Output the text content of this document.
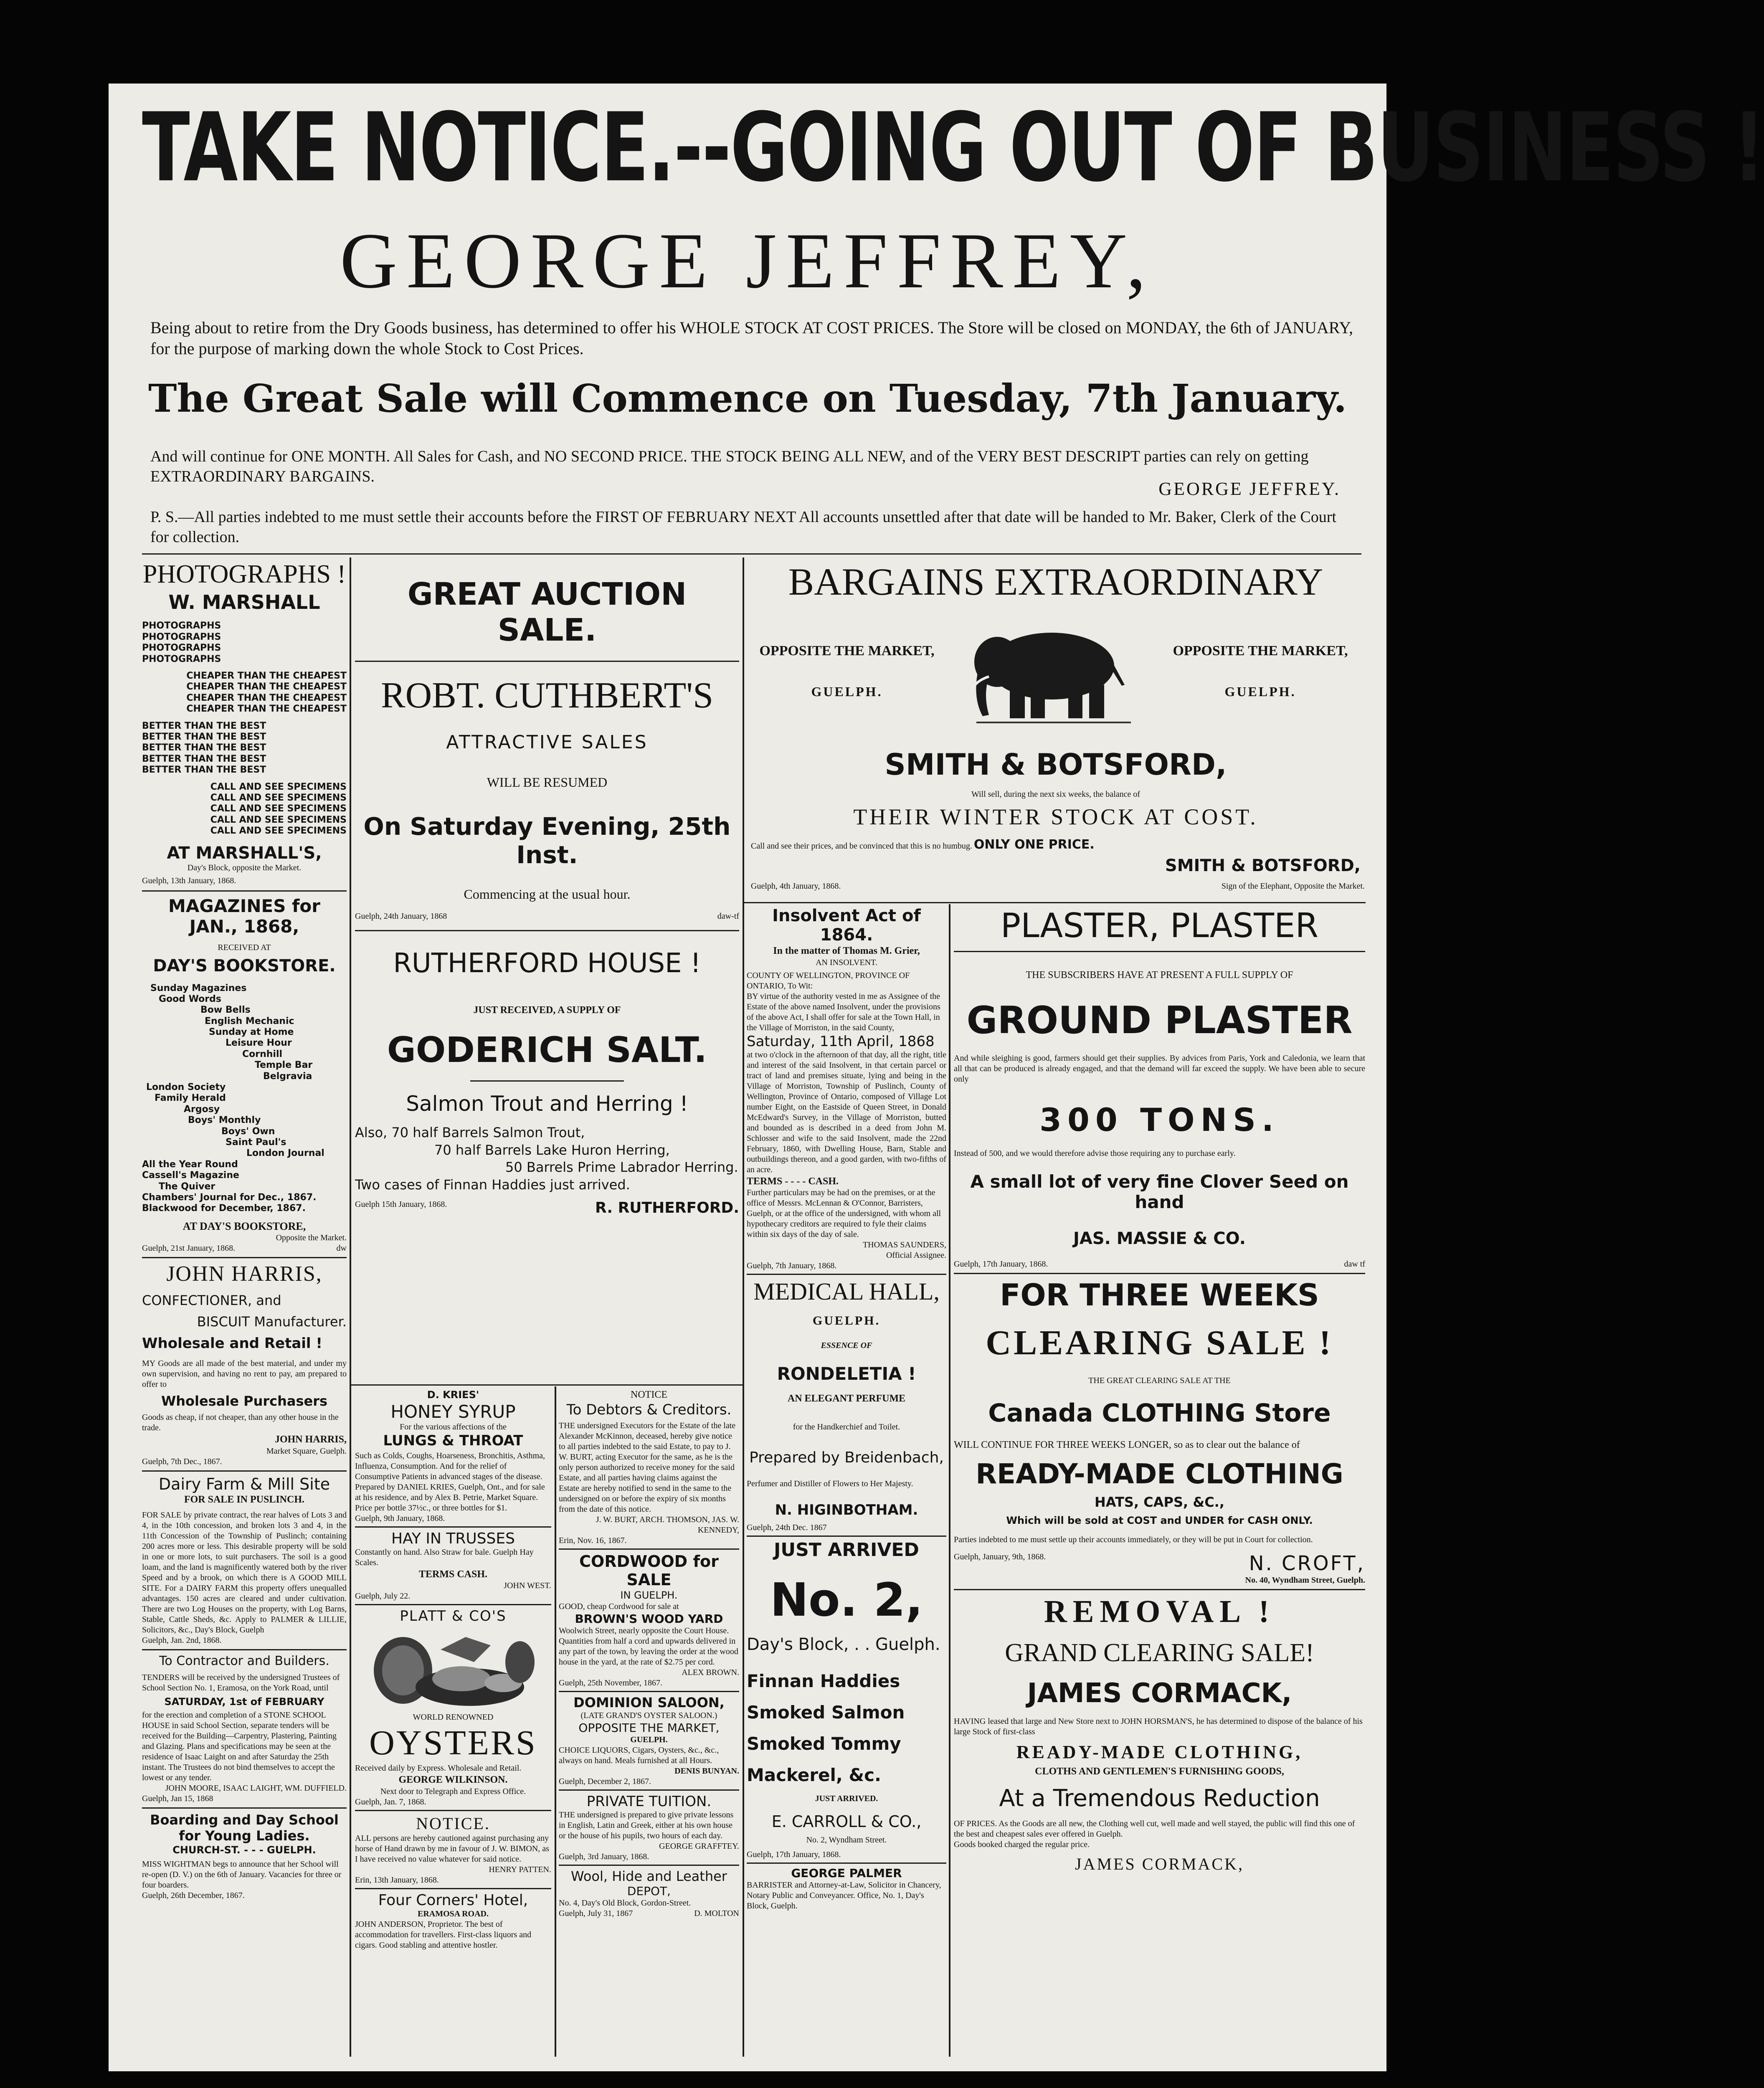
TAKE NOTICE.--GOING OUT OF BUSINESS !
GEORGE JEFFREY,
Being about to retire from the Dry Goods business, has determined to offer his WHOLE STOCK AT COST PRICES. The Store will be closed on MONDAY, the 6th of JANUARY, for the purpose of marking down the whole Stock to Cost Prices.
The Great Sale will Commence on Tuesday, 7th January.
And will continue for ONE MONTH. All Sales for Cash, and NO SECOND PRICE. THE STOCK BEING ALL NEW, and of the VERY BEST DESCRIPT parties can rely on getting EXTRAORDINARY BARGAINS.
GEORGE JEFFREY.
P. S.—All parties indebted to me must settle their accounts before the FIRST OF FEBRUARY NEXT All accounts unsettled after that date will be handed to Mr. Baker, Clerk of the Court for collection.
PHOTOGRAPHS !
W. MARSHALL
PHOTOGRAPHS
PHOTOGRAPHS
PHOTOGRAPHS
PHOTOGRAPHS
CHEAPER THAN THE CHEAPEST
CHEAPER THAN THE CHEAPEST
CHEAPER THAN THE CHEAPEST
CHEAPER THAN THE CHEAPEST
BETTER THAN THE BEST
BETTER THAN THE BEST
BETTER THAN THE BEST
BETTER THAN THE BEST
BETTER THAN THE BEST
CALL AND SEE SPECIMENS
CALL AND SEE SPECIMENS
CALL AND SEE SPECIMENS
CALL AND SEE SPECIMENS
CALL AND SEE SPECIMENS
AT MARSHALL'S,
Day's Block, opposite the Market.
Guelph, 13th January, 1868.
MAGAZINES for JAN., 1868,
RECEIVED AT
DAY'S BOOKSTORE.
Sunday Magazines
Good Words
Bow Bells
English Mechanic
Sunday at Home
Leisure Hour
Cornhill
Temple Bar
Belgravia
London Society
Family Herald
Argosy
Boys' Monthly
Boys' Own
Saint Paul's
London Journal
All the Year Round
Cassell's Magazine
The Quiver
Chambers' Journal for Dec., 1867.
Blackwood for December, 1867.
AT DAY'S BOOKSTORE,
Opposite the Market.
Guelph, 21st January, 1868.	dw
JOHN HARRIS,
CONFECTIONER, and
BISCUIT Manufacturer.
Wholesale and Retail !
MY Goods are all made of the best material, and under my own supervision, and having no rent to pay, am prepared to offer to
Wholesale Purchasers
Goods as cheap, if not cheaper, than any other house in the trade.
JOHN HARRIS,
Market Square, Guelph.
Guelph, 7th Dec., 1867.
Dairy Farm & Mill Site
FOR SALE IN PUSLINCH.
FOR SALE by private contract, the rear halves of Lots 3 and 4, in the 10th concession, and broken lots 3 and 4, in the 11th Concession of the Township of Puslinch; containing 200 acres more or less. This desirable property will be sold in one or more lots, to suit purchasers. The soil is a good loam, and the land is magnificently watered both by the river Speed and by a brook, on which there is A GOOD MILL SITE. For a DAIRY FARM this property offers unequalled advantages. 150 acres are cleared and under cultivation. There are two Log Houses on the property, with Log Barns, Stable, Cattle Sheds, &c. Apply to PALMER & LILLIE, Solicitors, &c., Day's Block, Guelph
Guelph, Jan. 2nd, 1868.
To Contractor and Builders.
TENDERS will be received by the undersigned Trustees of School Section No. 1, Eramosa, on the York Road, until
SATURDAY, 1st of FEBRUARY
for the erection and completion of a STONE SCHOOL HOUSE in said School Section, separate tenders will be received for the Building—Carpentry, Plastering, Painting and Glazing. Plans and specifications may be seen at the residence of Isaac Laight on and after Saturday the 25th instant. The Trustees do not bind themselves to accept the lowest or any tender.
JOHN MOORE, ISAAC LAIGHT, WM. DUFFIELD.
Guelph, Jan 15, 1868
Boarding and Day School for Young Ladies.
CHURCH-ST. - - - GUELPH.
MISS WIGHTMAN begs to announce that her School will re-open (D. V.) on the 6th of January. Vacancies for three or four boarders.
Guelph, 26th December, 1867.
GREAT AUCTION SALE.
ROBT. CUTHBERT'S
ATTRACTIVE SALES
WILL BE RESUMED
On Saturday Evening, 25th Inst.
Commencing at the usual hour.
Guelph, 24th January, 1868	daw-tf
RUTHERFORD HOUSE !
JUST RECEIVED, A SUPPLY OF
GODERICH SALT.
Salmon Trout and Herring !
Also, 70 half Barrels Salmon Trout,
70 half Barrels Lake Huron Herring,
50 Barrels Prime Labrador Herring.
Two cases of Finnan Haddies just arrived.
Guelph 15th January, 1868.	R. RUTHERFORD.
D. KRIES'
HONEY SYRUP
For the various affections of the
LUNGS & THROAT
Such as Colds, Coughs, Hoarseness, Bronchitis, Asthma, Influenza, Consumption. And for the relief of Consumptive Patients in advanced stages of the disease. Prepared by DANIEL KRIES, Guelph, Ont., and for sale at his residence, and by Alex B. Petrie, Market Square. Price per bottle 37½c., or three bottles for $1.
Guelph, 9th January, 1868.
HAY IN TRUSSES
Constantly on hand. Also Straw for bale. Guelph Hay Scales.
TERMS CASH.
JOHN WEST.
Guelph, July 22.
PLATT & CO'S
WORLD RENOWNED
OYSTERS
Received daily by Express. Wholesale and Retail.
GEORGE WILKINSON.
Next door to Telegraph and Express Office.
Guelph, Jan. 7, 1868.
NOTICE.
ALL persons are hereby cautioned against purchasing any horse of Hand drawn by me in favour of J. W. BIMON, as I have received no value whatever for said notice.
HENRY PATTEN.
Erin, 13th January, 1868.
Four Corners' Hotel,
ERAMOSA ROAD.
JOHN ANDERSON, Proprietor. The best of accommodation for travellers. First-class liquors and cigars. Good stabling and attentive hostler.
NOTICE
To Debtors & Creditors.
THE undersigned Executors for the Estate of the late Alexander McKinnon, deceased, hereby give notice to all parties indebted to the said Estate, to pay to J. W. BURT, acting Executor for the same, as he is the only person authorized to receive money for the said Estate, and all parties having claims against the Estate are hereby notified to send in the same to the undersigned on or before the expiry of six months from the date of this notice.
J. W. BURT, ARCH. THOMSON, JAS. W. KENNEDY,
Erin, Nov. 16, 1867.
CORDWOOD for SALE
IN GUELPH.
GOOD, cheap Cordwood for sale at
BROWN'S WOOD YARD
Woolwich Street, nearly opposite the Court House. Quantities from half a cord and upwards delivered in any part of the town, by leaving the order at the wood house in the yard, at the rate of $2.75 per cord.
ALEX BROWN.
Guelph, 25th November, 1867.
DOMINION SALOON,
(LATE GRAND'S OYSTER SALOON.)
OPPOSITE THE MARKET,
GUELPH.
CHOICE LIQUORS, Cigars, Oysters, &c., &c., always on hand. Meals furnished at all Hours.
DENIS BUNYAN.
Guelph, December 2, 1867.
PRIVATE TUITION.
THE undersigned is prepared to give private lessons in English, Latin and Greek, either at his own house or the house of his pupils, two hours of each day.
GEORGE GRAFFTEY.
Guelph, 3rd January, 1868.
Wool, Hide and Leather
DEPOT,
No. 4, Day's Old Block, Gordon-Street.
Guelph, July 31, 1867	D. MOLTON
BARGAINS EXTRAORDINARY
OPPOSITE THE MARKET,
GUELPH.
OPPOSITE THE MARKET,
GUELPH.
SMITH & BOTSFORD,
Will sell, during the next six weeks, the balance of
THEIR WINTER STOCK AT COST.
Call and see their prices, and be convinced that this is no humbug. ONLY ONE PRICE.
SMITH & BOTSFORD,
Guelph, 4th January, 1868.	Sign of the Elephant, Opposite the Market.
Insolvent Act of 1864.
In the matter of Thomas M. Grier,
AN INSOLVENT.
COUNTY OF WELLINGTON, PROVINCE OF ONTARIO, To Wit:
BY virtue of the authority vested in me as Assignee of the Estate of the above named Insolvent, under the provisions of the above Act, I shall offer for sale at the Town Hall, in the Village of Morriston, in the said County,
Saturday, 11th April, 1868
at two o'clock in the afternoon of that day, all the right, title and interest of the said Insolvent, in that certain parcel or tract of land and premises situate, lying and being in the Village of Morriston, Township of Puslinch, County of Wellington, Province of Ontario, composed of Village Lot number Eight, on the Eastside of Queen Street, in Donald McEdward's Survey, in the Village of Morriston, butted and bounded as is described in a deed from John M. Schlosser and wife to the said Insolvent, made the 22nd February, 1860, with Dwelling House, Barn, Stable and outbuildings thereon, and a good garden, with two-fifths of an acre.
TERMS - - - - CASH.
Further particulars may be had on the premises, or at the office of Messrs. McLennan & O'Connor, Barristers, Guelph, or at the office of the undersigned, with whom all hypothecary creditors are required to fyle their claims within six days of the day of sale.
THOMAS SAUNDERS,
Official Assignee.
Guelph, 7th January, 1868.
MEDICAL HALL,
GUELPH.
ESSENCE OF
RONDELETIA !
AN ELEGANT PERFUME
for the Handkerchief and Toilet.
Prepared by Breidenbach,
Perfumer and Distiller of Flowers to Her Majesty.
N. HIGINBOTHAM.
Guelph, 24th Dec. 1867
JUST ARRIVED
No. 2,
Day's Block, . . Guelph.
Finnan Haddies
Smoked Salmon
Smoked Tommy
Mackerel, &c.
JUST ARRIVED.
E. CARROLL & CO.,
No. 2, Wyndham Street.
Guelph, 17th January, 1868.
GEORGE PALMER
BARRISTER and Attorney-at-Law, Solicitor in Chancery, Notary Public and Conveyancer. Office, No. 1, Day's Block, Guelph.
PLASTER, PLASTER
THE SUBSCRIBERS HAVE AT PRESENT A FULL SUPPLY OF
GROUND PLASTER
And while sleighing is good, farmers should get their supplies. By advices from Paris, York and Caledonia, we learn that all that can be produced is already engaged, and that the demand will far exceed the supply. We have been able to secure only
300 TONS.
Instead of 500, and we would therefore advise those requiring any to purchase early.
A small lot of very fine Clover Seed on hand
JAS. MASSIE & CO.
Guelph, 17th January, 1868.	daw tf
FOR THREE WEEKS
CLEARING SALE !
THE GREAT CLEARING SALE AT THE
Canada CLOTHING Store
WILL CONTINUE FOR THREE WEEKS LONGER, so as to clear out the balance of
READY-MADE CLOTHING
HATS, CAPS, &C.,
Which will be sold at COST and UNDER for CASH ONLY.
Parties indebted to me must settle up their accounts immediately, or they will be put in Court for collection.
Guelph, January, 9th, 1868.	N. CROFT,
No. 40, Wyndham Street, Guelph.
REMOVAL !
GRAND CLEARING SALE!
JAMES CORMACK,
HAVING leased that large and New Store next to JOHN HORSMAN'S, he has determined to dispose of the balance of his large Stock of first-class
READY-MADE CLOTHING,
CLOTHS AND GENTLEMEN'S FURNISHING GOODS,
At a Tremendous Reduction
OF PRICES. As the Goods are all new, the Clothing well cut, well made and well stayed, the public will find this one of the best and cheapest sales ever offered in Guelph.
Goods booked charged the regular price.
JAMES CORMACK,
